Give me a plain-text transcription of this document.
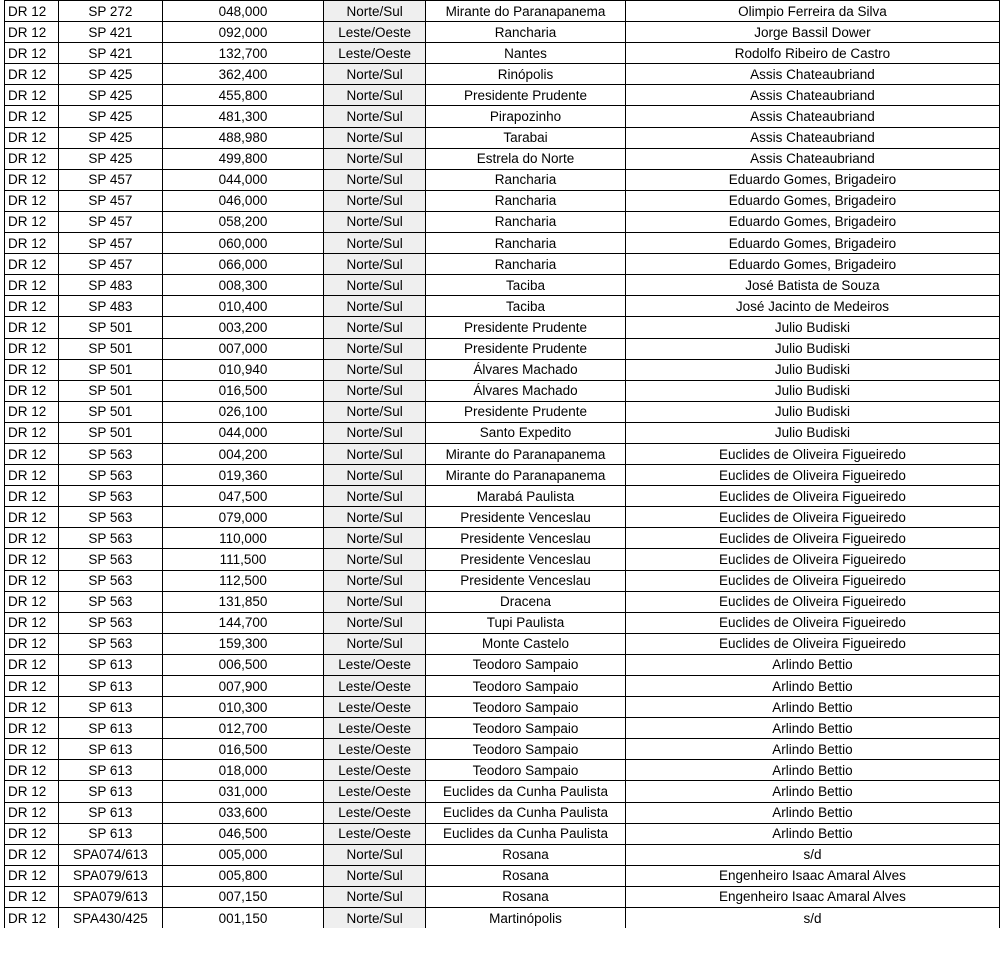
DR 12	SP 272	048,000	Norte/Sul	Mirante do Paranapanema	Olimpio Ferreira da Silva
DR 12	SP 421	092,000	Leste/Oeste	Rancharia	Jorge Bassil Dower
DR 12	SP 421	132,700	Leste/Oeste	Nantes	Rodolfo Ribeiro de Castro
DR 12	SP 425	362,400	Norte/Sul	Rinópolis	Assis Chateaubriand
DR 12	SP 425	455,800	Norte/Sul	Presidente Prudente	Assis Chateaubriand
DR 12	SP 425	481,300	Norte/Sul	Pirapozinho	Assis Chateaubriand
DR 12	SP 425	488,980	Norte/Sul	Tarabai	Assis Chateaubriand
DR 12	SP 425	499,800	Norte/Sul	Estrela do Norte	Assis Chateaubriand
DR 12	SP 457	044,000	Norte/Sul	Rancharia	Eduardo Gomes, Brigadeiro
DR 12	SP 457	046,000	Norte/Sul	Rancharia	Eduardo Gomes, Brigadeiro
DR 12	SP 457	058,200	Norte/Sul	Rancharia	Eduardo Gomes, Brigadeiro
DR 12	SP 457	060,000	Norte/Sul	Rancharia	Eduardo Gomes, Brigadeiro
DR 12	SP 457	066,000	Norte/Sul	Rancharia	Eduardo Gomes, Brigadeiro
DR 12	SP 483	008,300	Norte/Sul	Taciba	José Batista de Souza
DR 12	SP 483	010,400	Norte/Sul	Taciba	José Jacinto de Medeiros
DR 12	SP 501	003,200	Norte/Sul	Presidente Prudente	Julio Budiski
DR 12	SP 501	007,000	Norte/Sul	Presidente Prudente	Julio Budiski
DR 12	SP 501	010,940	Norte/Sul	Álvares Machado	Julio Budiski
DR 12	SP 501	016,500	Norte/Sul	Álvares Machado	Julio Budiski
DR 12	SP 501	026,100	Norte/Sul	Presidente Prudente	Julio Budiski
DR 12	SP 501	044,000	Norte/Sul	Santo Expedito	Julio Budiski
DR 12	SP 563	004,200	Norte/Sul	Mirante do Paranapanema	Euclides de Oliveira Figueiredo
DR 12	SP 563	019,360	Norte/Sul	Mirante do Paranapanema	Euclides de Oliveira Figueiredo
DR 12	SP 563	047,500	Norte/Sul	Marabá Paulista	Euclides de Oliveira Figueiredo
DR 12	SP 563	079,000	Norte/Sul	Presidente Venceslau	Euclides de Oliveira Figueiredo
DR 12	SP 563	110,000	Norte/Sul	Presidente Venceslau	Euclides de Oliveira Figueiredo
DR 12	SP 563	111,500	Norte/Sul	Presidente Venceslau	Euclides de Oliveira Figueiredo
DR 12	SP 563	112,500	Norte/Sul	Presidente Venceslau	Euclides de Oliveira Figueiredo
DR 12	SP 563	131,850	Norte/Sul	Dracena	Euclides de Oliveira Figueiredo
DR 12	SP 563	144,700	Norte/Sul	Tupi Paulista	Euclides de Oliveira Figueiredo
DR 12	SP 563	159,300	Norte/Sul	Monte Castelo	Euclides de Oliveira Figueiredo
DR 12	SP 613	006,500	Leste/Oeste	Teodoro Sampaio	Arlindo Bettio
DR 12	SP 613	007,900	Leste/Oeste	Teodoro Sampaio	Arlindo Bettio
DR 12	SP 613	010,300	Leste/Oeste	Teodoro Sampaio	Arlindo Bettio
DR 12	SP 613	012,700	Leste/Oeste	Teodoro Sampaio	Arlindo Bettio
DR 12	SP 613	016,500	Leste/Oeste	Teodoro Sampaio	Arlindo Bettio
DR 12	SP 613	018,000	Leste/Oeste	Teodoro Sampaio	Arlindo Bettio
DR 12	SP 613	031,000	Leste/Oeste	Euclides da Cunha Paulista	Arlindo Bettio
DR 12	SP 613	033,600	Leste/Oeste	Euclides da Cunha Paulista	Arlindo Bettio
DR 12	SP 613	046,500	Leste/Oeste	Euclides da Cunha Paulista	Arlindo Bettio
DR 12	SPA074/613	005,000	Norte/Sul	Rosana	s/d
DR 12	SPA079/613	005,800	Norte/Sul	Rosana	Engenheiro Isaac Amaral Alves
DR 12	SPA079/613	007,150	Norte/Sul	Rosana	Engenheiro Isaac Amaral Alves
DR 12	SPA430/425	001,150	Norte/Sul	Martinópolis	s/d
